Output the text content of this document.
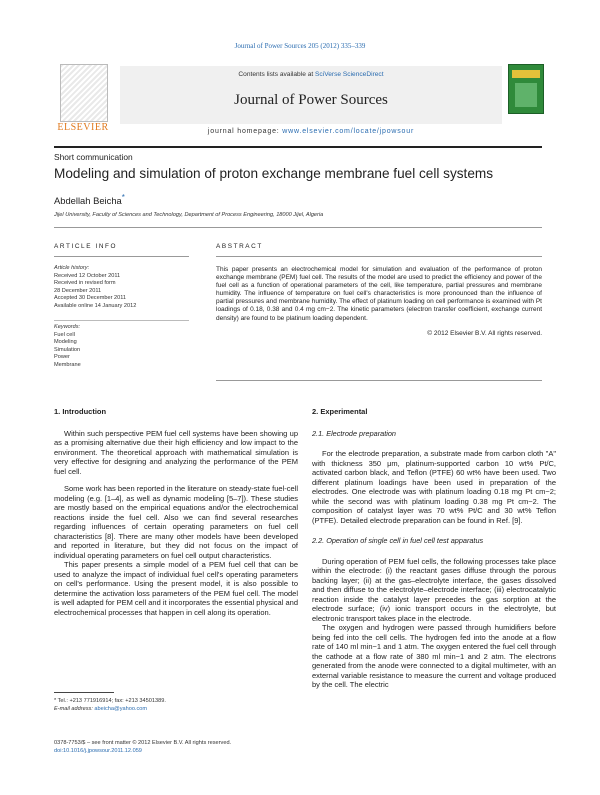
Journal of Power Sources 205 (2012) 335–339
ELSEVIER
Contents lists available at SciVerse ScienceDirect
Journal of Power Sources
journal homepage: www.elsevier.com/locate/jpowsour
Short communication
Modeling and simulation of proton exchange membrane fuel cell systems
Abdellah Beicha*
Jijel University, Faculty of Sciences and Technology, Department of Process Engineering, 18000 Jijel, Algeria
ARTICLE INFO	ABSTRACT
Article history:
Received 12 October 2011
Received in revised form
28 December 2011
Accepted 30 December 2011
Available online 14 January 2012
Keywords:
Fuel cell
Modeling
Simulation
Power
Membrane
This paper presents an electrochemical model for simulation and evaluation of the performance of proton exchange membrane (PEM) fuel cell. The results of the model are used to predict the efficiency and power of the fuel cell as a function of operational parameters of the cell, like temperature, partial pressures and membrane humidity. The influence of temperature on fuel cell's characteristics is more pronounced than the influence of partial pressures and membrane humidity. The effect of platinum loading on cell performance is examined with Pt loadings of 0.18, 0.38 and 0.4 mg cm−2. The kinetic parameters (electron transfer coefficient, exchange current density) are found to be platinum loading dependent.
© 2012 Elsevier B.V. All rights reserved.
1. Introduction

Within such perspective PEM fuel cell systems have been showing up as a promising alternative due their high efficiency and low impact to the environment. The theoretical approach with mathematical simulation is very effective for designing and analyzing the performance of the PEM fuel cell.

Some work has been reported in the literature on steady-state fuel-cell modeling (e.g. [1–4], as well as dynamic modeling [5–7]). These studies are mostly based on the empirical equations and/or the electrochemical reactions inside the fuel cell. Also we can find several researches regarding influences of certain operating parameters on fuel cell characteristics [8]. There are many other models have been developed and reported in literature, but they did not focus on the impact of individual operating parameters on fuel cell output characteristics.

This paper presents a simple model of a PEM fuel cell that can be used to analyze the impact of individual fuel cell's operating parameters on cell's performance. Using the present model, it is also possible to determine the activation loss parameters of the PEM fuel cell. The model is well adapted for PEM cell and it incorporates the essential physical and electrochemical processes that happen in cell along its operation.

2. Experimental
2.1. Electrode preparation

For the electrode preparation, a substrate made from carbon cloth "A" with thickness 350 μm, platinum-supported carbon 10 wt% Pt/C, activated carbon black, and Teflon (PTFE) 60 wt% have been used. Two different platinum loadings have been used in preparation of the electrodes. One electrode was with platinum loading 0.18 mg Pt cm−2; while the second was with platinum loading 0.38 mg Pt cm−2. The composition of catalyst layer was 70 wt% Pt/C and 30 wt% Teflon (PTFE). Detailed electrode preparation can be found in Ref. [9].

2.2. Operation of single cell in fuel cell test apparatus

During operation of PEM fuel cells, the following processes take place within the electrode: (i) the reactant gases diffuse through the porous backing layer; (ii) at the gas–electrolyte interface, the gases dissolved and then diffuse to the electrolyte–electrode interface; (iii) electrocatalytic reaction inside the catalyst layer precedes the gas sorption at the electrode surface; (iv) ionic transport occurs in the electrolyte, but electronic transport takes place in the electrode.

The oxygen and hydrogen were passed through humidifiers before being fed into the cell cells. The hydrogen fed into the anode at a flow rate of 140 ml min−1 and 1 atm. The oxygen entered the fuel cell through the cathode at a flow rate of 380 ml min−1 and 2 atm. The electrons generated from the anode were connected to a digital multimeter, with an external variable resistance to measure the current and voltage produced by the cell. The electric

* Tel.: +213 771916914; fax: +213 34501389.
E-mail address: abeicha@yahoo.com
0378-7753/$ – see front matter © 2012 Elsevier B.V. All rights reserved.
doi:10.1016/j.jpowsour.2011.12.059
